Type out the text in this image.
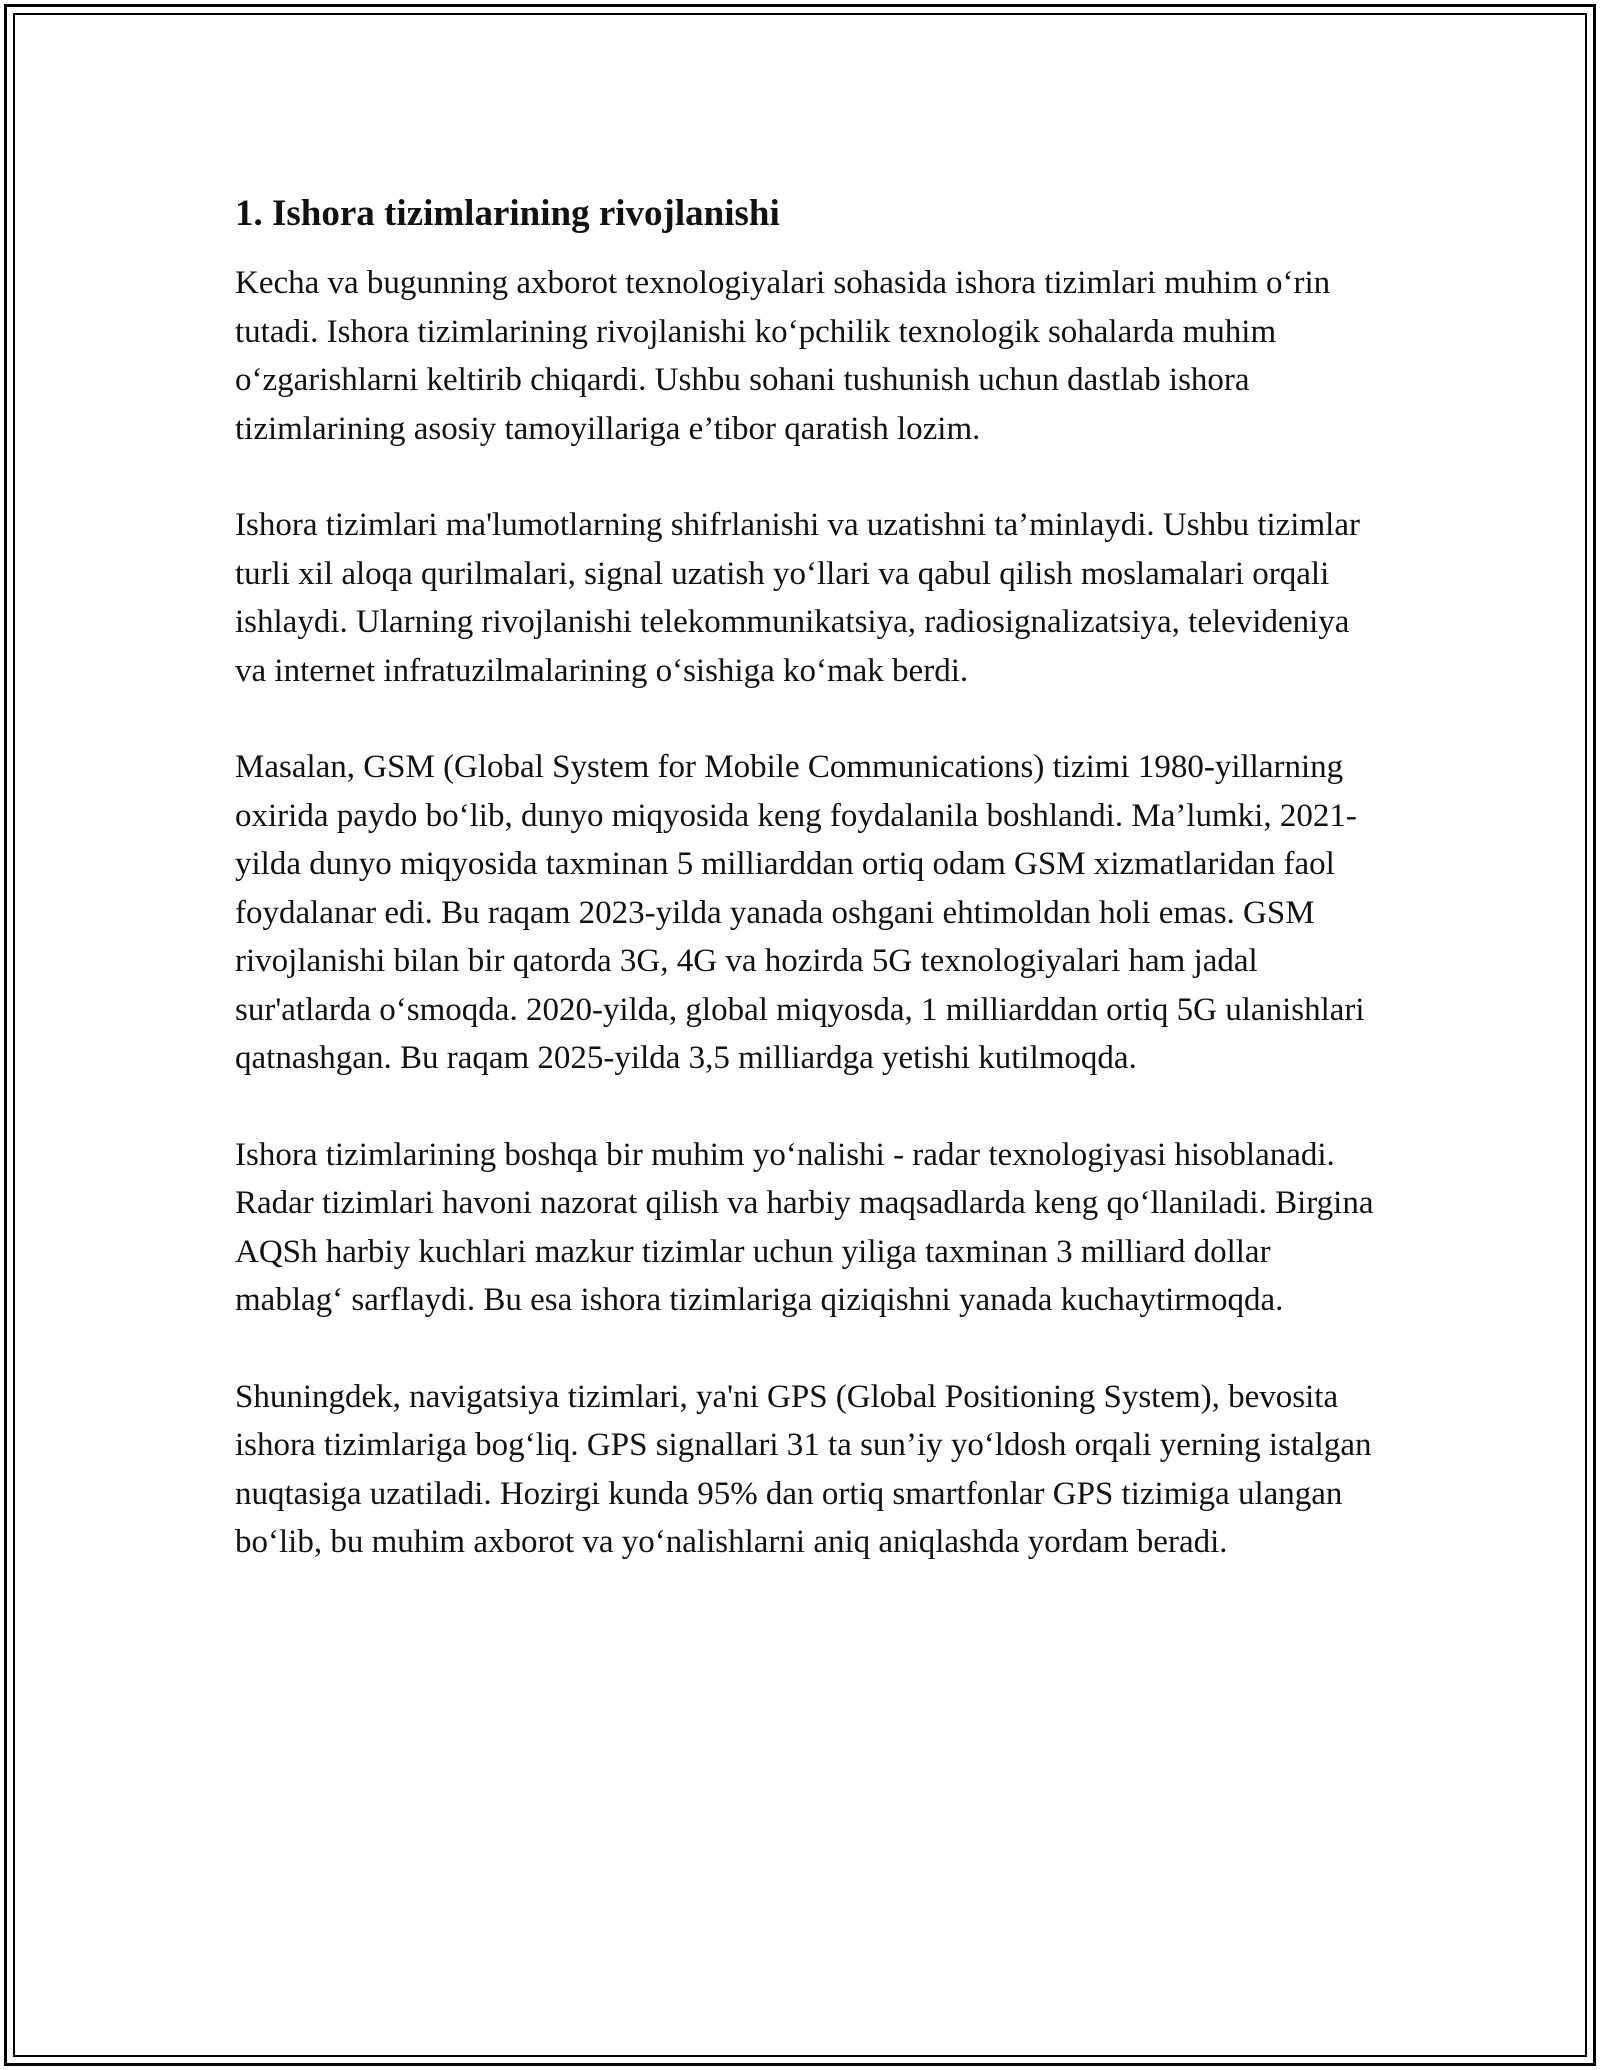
1. Ishora tizimlarining rivojlanishi

Kecha va bugunning axborot texnologiyalari sohasida ishora tizimlari muhim o‘rin tutadi. Ishora tizimlarining rivojlanishi ko‘pchilik texnologik sohalarda muhim o‘zgarishlarni keltirib chiqardi. Ushbu sohani tushunish uchun dastlab ishora tizimlarining asosiy tamoyillariga e’tibor qaratish lozim.

Ishora tizimlari ma'lumotlarning shifrlanishi va uzatishni ta’minlaydi. Ushbu tizimlar turli xil aloqa qurilmalari, signal uzatish yo‘llari va qabul qilish moslamalari orqali ishlaydi. Ularning rivojlanishi telekommunikatsiya, radiosignalizatsiya, televideniya va internet infratuzilmalarining o‘sishiga ko‘mak berdi.

Masalan, GSM (Global System for Mobile Communications) tizimi 1980-yillarning oxirida paydo bo‘lib, dunyo miqyosida keng foydalanila boshlandi. Ma’lumki, 2021-yilda dunyo miqyosida taxminan 5 milliarddan ortiq odam GSM xizmatlaridan faol foydalanar edi. Bu raqam 2023-yilda yanada oshgani ehtimoldan holi emas. GSM rivojlanishi bilan bir qatorda 3G, 4G va hozirda 5G texnologiyalari ham jadal sur'atlarda o‘smoqda. 2020-yilda, global miqyosda, 1 milliarddan ortiq 5G ulanishlari qatnashgan. Bu raqam 2025-yilda 3,5 milliardga yetishi kutilmoqda.

Ishora tizimlarining boshqa bir muhim yo‘nalishi - radar texnologiyasi hisoblanadi. Radar tizimlari havoni nazorat qilish va harbiy maqsadlarda keng qo‘llaniladi. Birgina AQSh harbiy kuchlari mazkur tizimlar uchun yiliga taxminan 3 milliard dollar mablag‘ sarflaydi. Bu esa ishora tizimlariga qiziqishni yanada kuchaytirmoqda.

Shuningdek, navigatsiya tizimlari, ya'ni GPS (Global Positioning System), bevosita ishora tizimlariga bog‘liq. GPS signallari 31 ta sun’iy yo‘ldosh orqali yerning istalgan nuqtasiga uzatiladi. Hozirgi kunda 95% dan ortiq smartfonlar GPS tizimiga ulangan bo‘lib, bu muhim axborot va yo‘nalishlarni aniq aniqlashda yordam beradi.
